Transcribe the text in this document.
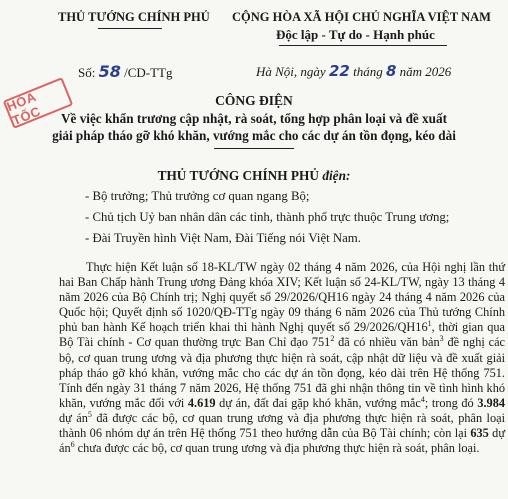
THỦ TƯỚNG CHÍNH PHỦ CỘNG HÒA XÃ HỘI CHỦ NGHĨA VIỆT NAM
Độc lập - Tự do - Hạnh phúc
Số: 58 /CD-TTg	Hà Nội, ngày 22 tháng 8 năm 2026
HỎA TỐC
CÔNG ĐIỆN
Về việc khẩn trương cập nhật, rà soát, tổng hợp phân loại và đề xuất
giải pháp tháo gỡ khó khăn, vướng mắc cho các dự án tồn đọng, kéo dài
THỦ TƯỚNG CHÍNH PHỦ điện:
- Bộ trưởng; Thủ trưởng cơ quan ngang Bộ;
- Chủ tịch Uỷ ban nhân dân các tỉnh, thành phố trực thuộc Trung ương;
- Đài Truyền hình Việt Nam, Đài Tiếng nói Việt Nam.
Thực hiện Kết luận số 18-KL/TW ngày 02 tháng 4 năm 2026, của Hội nghị lần thứ hai Ban Chấp hành Trung ương Đảng khóa XIV; Kết luận số 24-KL/TW, ngày 13 tháng 4 năm 2026 của Bộ Chính trị; Nghị quyết số 29/2026/QH16 ngày 24 tháng 4 năm 2026 của Quốc hội; Quyết định số 1020/QĐ-TTg ngày 09 tháng 6 năm 2026 của Thủ tướng Chính phủ ban hành Kế hoạch triển khai thi hành Nghị quyết số $29/2026/QH16^1$, thời gian qua Bộ Tài chính - Cơ quan thường trực Ban Chỉ đạo $751^2$ đã có nhiều văn bản$^3$ đề nghị các bộ, cơ quan trung ương và địa phương thực hiện rà soát, cập nhật dữ liệu và đề xuất giải pháp tháo gỡ khó khăn, vướng mắc cho các dự án tồn đọng, kéo dài trên Hệ thống 751. Tính đến ngày 31 tháng 7 năm 2026, Hệ thống 751 đã ghi nhận thông tin về tình hình khó khăn, vướng mắc đối với 4.619 dự án, đất đai gặp khó khăn, vướng mắc$^4$; trong đó 3.984 dự $án^5$ đã được các bộ, cơ quan trung ương và địa phương thực hiện rà soát, phân loại thành 06 nhóm dự án trên Hệ thống 751 theo hướng dẫn của Bộ Tài chính; còn lại 635 dự $án^6$ chưa được các bộ, cơ quan trung ương và địa phương thực hiện rà soát, phân loại.
